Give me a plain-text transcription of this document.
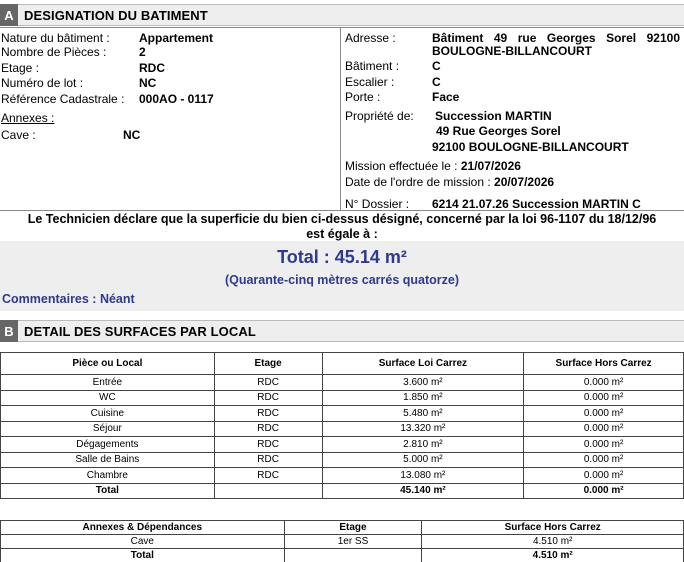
A DESIGNATION DU BATIMENT
Nature du bâtiment : Appartement
Nombre de Pièces :	2
Etage :	RDC
Numéro de lot :	NC
Référence Cadastrale : 000AO - 0117
Annexes :
Cave :	NC
Adresse :	Bâtiment 49 rue Georges Sorel 92100
BOULOGNE-BILLANCOURT
Bâtiment :	C
Escalier :	C
Porte :	Face
Propriété de: Succession MARTIN
49 Rue Georges Sorel
92100 BOULOGNE-BILLANCOURT
Mission effectuée le : 21/07/2026
Date de l'ordre de mission : 20/07/2026
N° Dossier : 6214 21.07.26 Succession MARTIN C
Le Technicien déclare que la superficie du bien ci-dessus désigné, concerné par la loi 96-1107 du 18/12/96
est égale à :
Total : 45.14 m²
(Quarante-cinq mètres carrés quatorze)
Commentaires : Néant
B DETAIL DES SURFACES PAR LOCAL
Pièce ou Local	Etage	Surface Loi Carrez	Surface Hors Carrez
Entrée	RDC	3.600 m²	0.000 m²
WC	RDC	1.850 m²	0.000 m²
Cuisine	RDC	5.480 m²	0.000 m²
Séjour	RDC	13.320 m²	0.000 m²
Dégagements	RDC	2.810 m²	0.000 m²
Salle de Bains	RDC	5.000 m²	0.000 m²
Chambre	RDC	13.080 m²	0.000 m²
Total		45.140 m²	0.000 m²
Annexes & Dépendances	Etage	Surface Hors Carrez
Cave	1er SS	4.510 m²
Total		4.510 m²
